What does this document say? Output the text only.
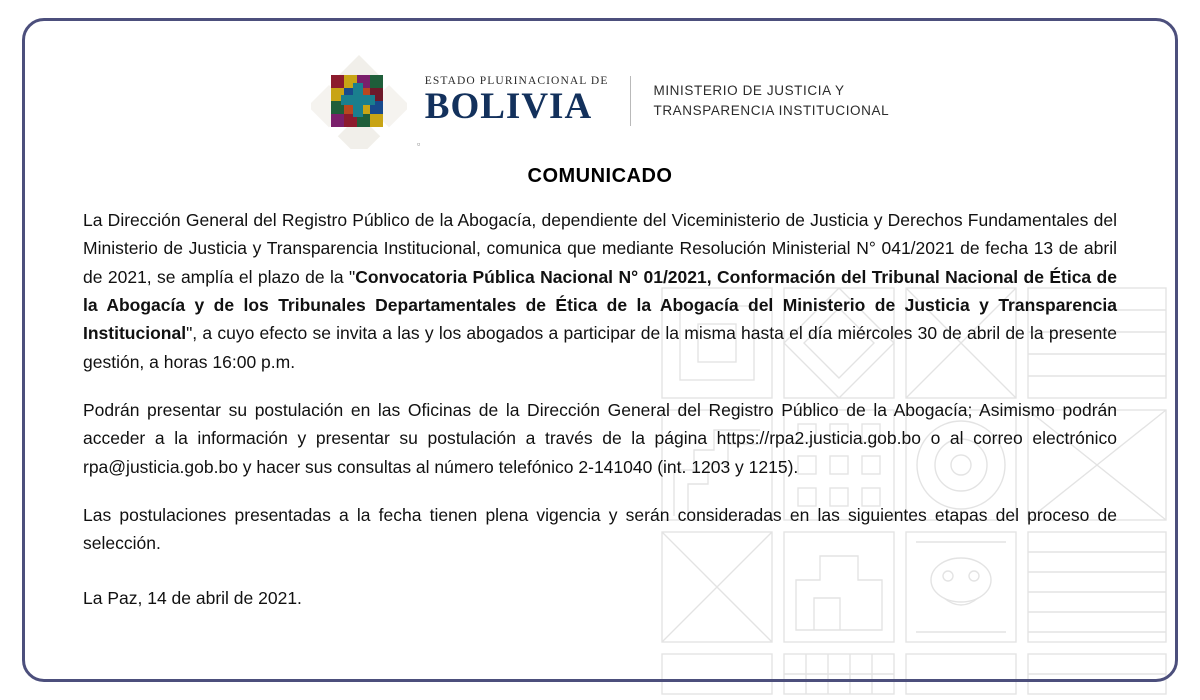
ESTADO PLURINACIONAL DE
BOLIVIA	MINISTERIO DE JUSTICIA Y
TRANSPARENCIA INSTITUCIONAL
▫
COMUNICADO

La Dirección General del Registro Público de la Abogacía, dependiente del Viceministerio de Justicia y Derechos Fundamentales del Ministerio de Justicia y Transparencia Institucional, comunica que mediante Resolución Ministerial N° 041/2021 de fecha 13 de abril de 2021, se amplía el plazo de la "Convocatoria Pública Nacional N° 01/2021, Conformación del Tribunal Nacional de Ética de la Abogacía y de los Tribunales Departamentales de Ética de la Abogacía del Ministerio de Justicia y Transparencia Institucional", a cuyo efecto se invita a las y los abogados a participar de la misma hasta el día miércoles 30 de abril de la presente gestión, a horas 16:00 p.m.

Podrán presentar su postulación en las Oficinas de la Dirección General del Registro Público de la Abogacía; Asimismo podrán acceder a la información y presentar su postulación a través de la página https://rpa2.justicia.gob.bo o al correo electrónico rpa@justicia.gob.bo y hacer sus consultas al número telefónico 2-141040 (int. 1203 y 1215).

Las postulaciones presentadas a la fecha tienen plena vigencia y serán consideradas en las siguientes etapas del proceso de selección.

La Paz, 14 de abril de 2021.
